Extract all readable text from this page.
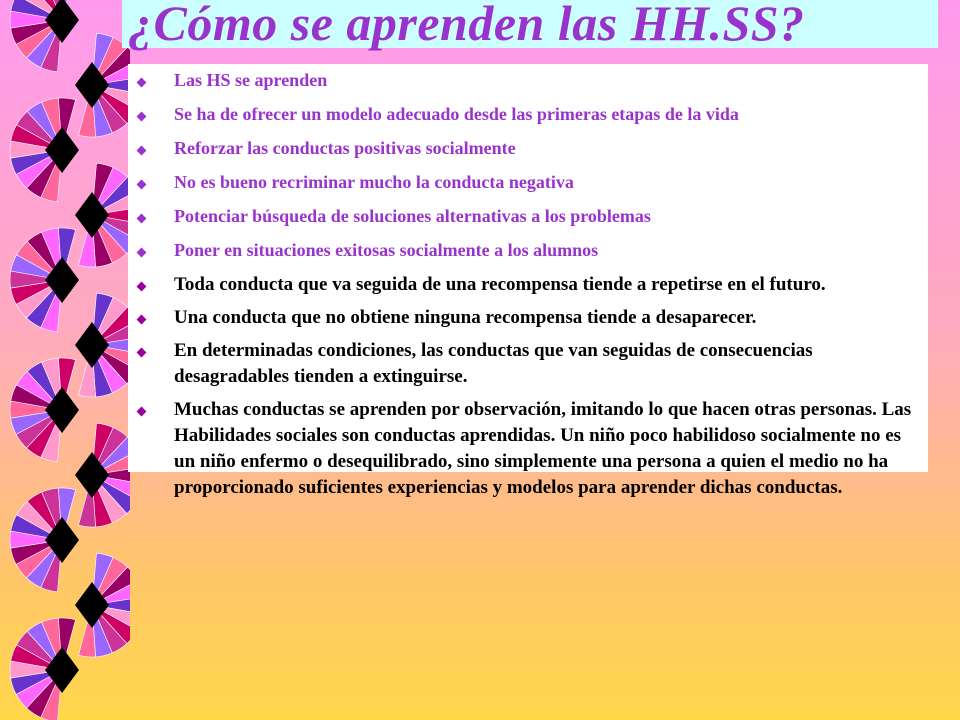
¿Cómo se aprenden las HH.SS?
Las HS se aprenden
Se ha de ofrecer un modelo adecuado desde las primeras etapas de la vida
Reforzar las conductas positivas socialmente
No es bueno recriminar mucho la conducta negativa
Potenciar búsqueda de soluciones alternativas a los problemas
Poner en situaciones exitosas socialmente a los alumnos
Toda conducta que va seguida de una recompensa tiende a repetirse en el futuro.
Una conducta que no obtiene ninguna recompensa tiende a desaparecer.
En determinadas condiciones, las conductas que van seguidas de consecuencias desagradables tienden a extinguirse.
Muchas conductas se aprenden por observación, imitando lo que hacen otras personas. Las Habilidades sociales son conductas aprendidas. Un niño poco habilidoso socialmente no es un niño enfermo o desequilibrado, sino simplemente una persona a quien el medio no ha proporcionado suficientes experiencias y modelos para aprender dichas conductas.
